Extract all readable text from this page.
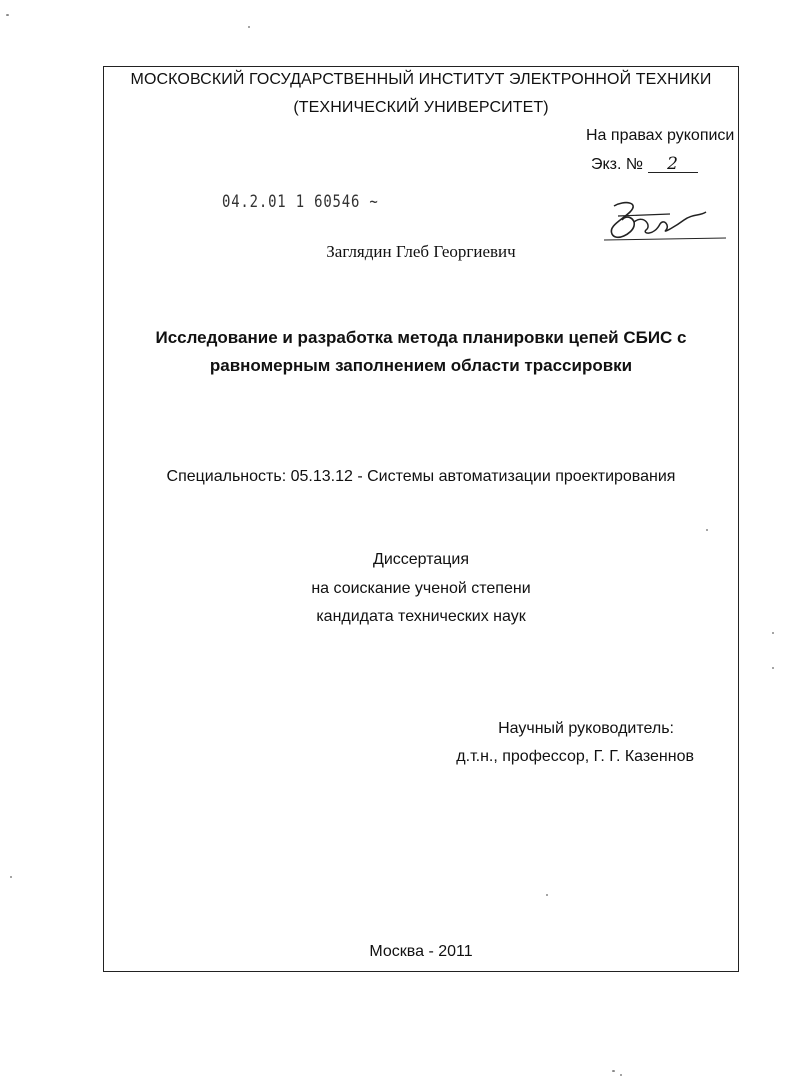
МОСКОВСКИЙ ГОСУДАРСТВЕННЫЙ ИНСТИТУТ ЭЛЕКТРОННОЙ ТЕХНИКИ
(ТЕХНИЧЕСКИЙ УНИВЕРСИТЕТ)
На правах рукописи
Экз. № 2
04.2.01 1 60546 ~
Заглядин Глеб Георгиевич
Исследование и разработка метода планировки цепей СБИС с
равномерным заполнением области трассировки
Специальность: 05.13.12 - Системы автоматизации проектирования
Диссертация
на соискание ученой степени
кандидата технических наук
Научный руководитель:
д.т.н., профессор, Г. Г. Казеннов
Москва - 2011
